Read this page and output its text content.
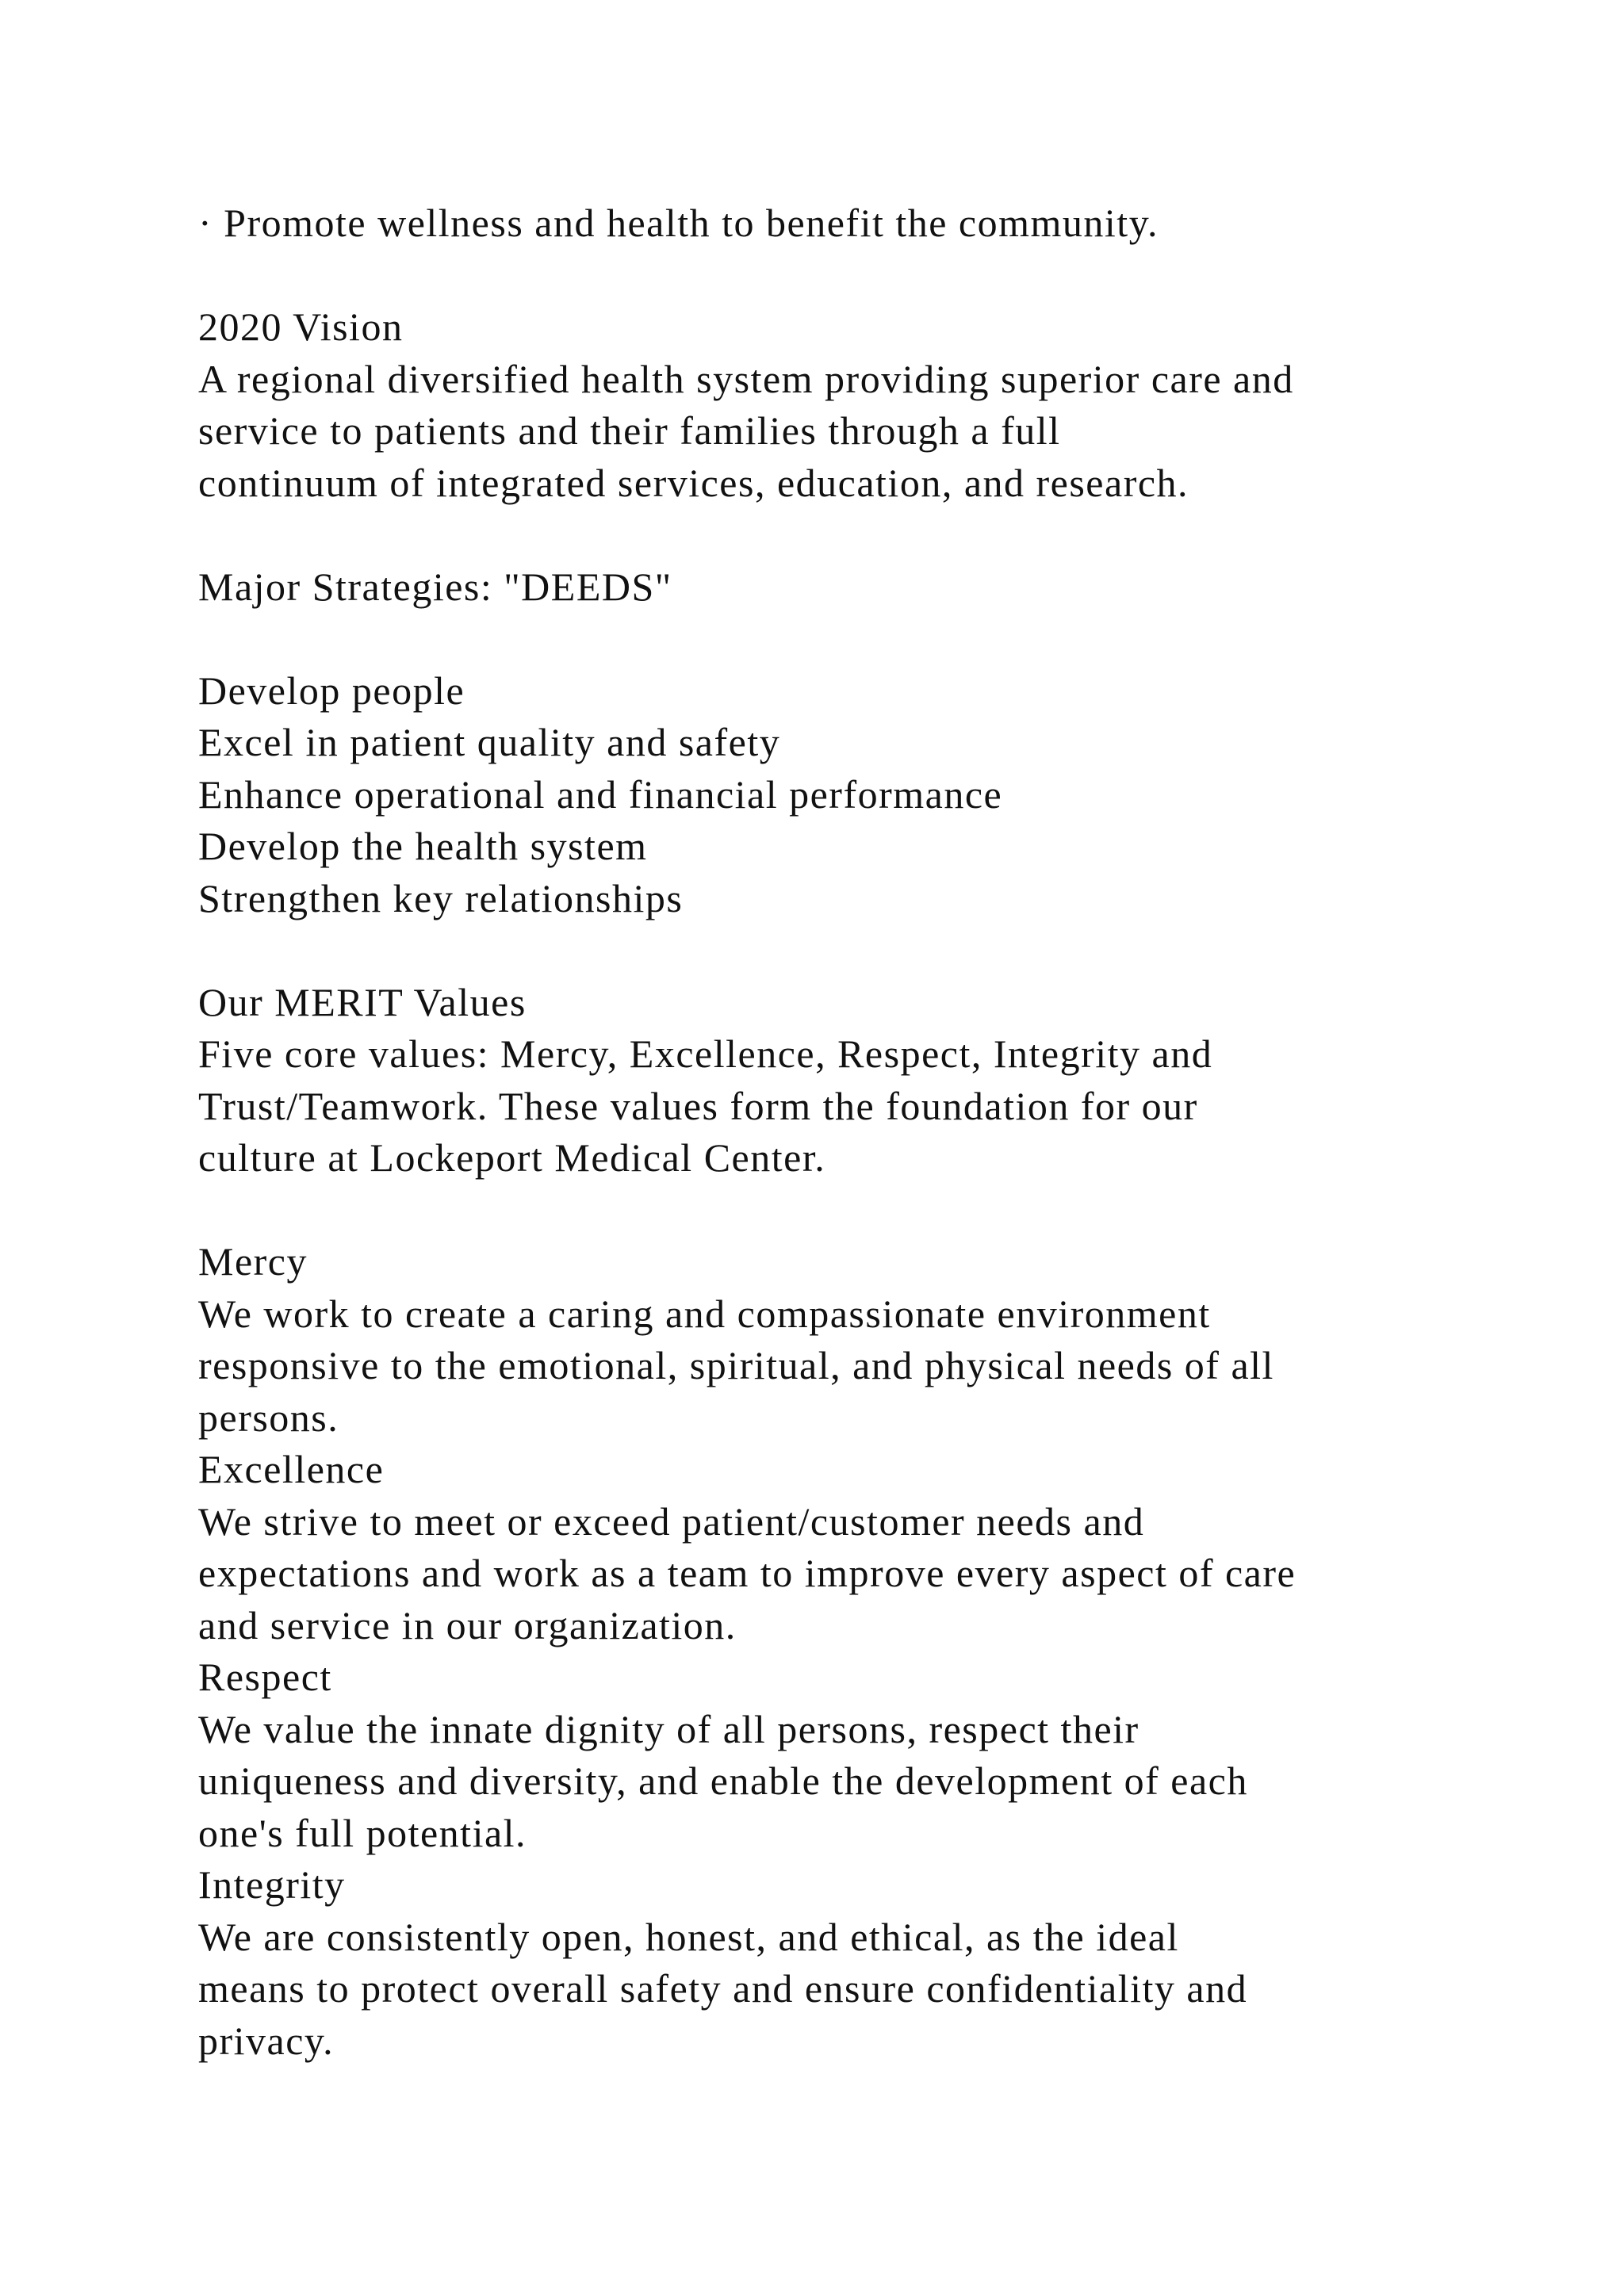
· Promote wellness and health to benefit the community.
2020 Vision
A regional diversified health system providing superior care and
service to patients and their families through a full
continuum of integrated services, education, and research.
Major Strategies: "DEEDS"
Develop people
Excel in patient quality and safety
Enhance operational and financial performance
Develop the health system
Strengthen key relationships
Our MERIT Values
Five core values: Mercy, Excellence, Respect, Integrity and
Trust/Teamwork. These values form the foundation for our
culture at Lockeport Medical Center.
Mercy
We work to create a caring and compassionate environment
responsive to the emotional, spiritual, and physical needs of all
persons.
Excellence
We strive to meet or exceed patient/customer needs and
expectations and work as a team to improve every aspect of care
and service in our organization.
Respect
We value the innate dignity of all persons, respect their
uniqueness and diversity, and enable the development of each
one's full potential.
Integrity
We are consistently open, honest, and ethical, as the ideal
means to protect overall safety and ensure confidentiality and
privacy.
